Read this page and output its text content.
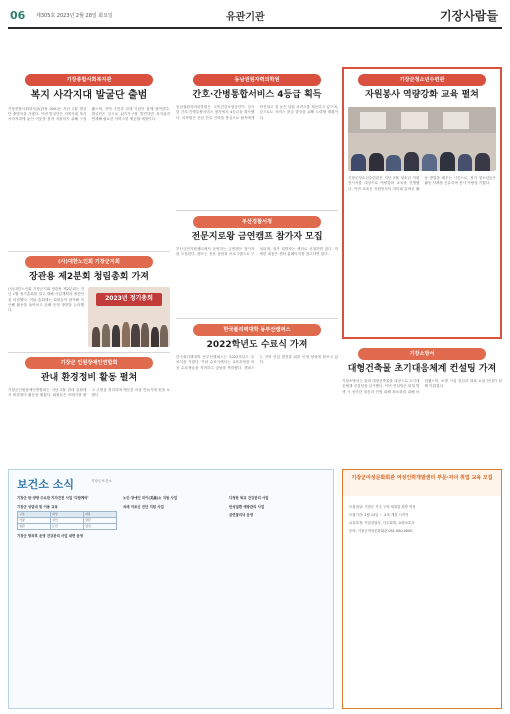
06 제305호 2023년 2월 28일 화요일	유관기관	기장사람들
기장종합사회복지관
복지 사각지대 발굴단 출범
기장종합사회복지관(관장 000)은 지난 1월 발굴단 출범식을 가졌다. 이번 발굴단은 지역사회 복지 사각지대에 놓인 이웃을 찾아 지원하기 위해 구성됐으며, 지역 주민과 관계 기관이 함께 참여한다. 발굴단은 앞으로 위기가구를 발견하면 복지관과 연계해 필요한 서비스를 제공할 예정이다.
(사)대한노인회 기장군지회
장관용 제2분회 청림총회 가져
(사)대한노인회 기장군지회 장관용 제2분회는 지난 1월 정기총회를 열고 새해 사업계획과 예산안을 의결했다. 이날 총회에는 회원들이 참석해 지난해 활동을 돌아보고 올해 운영 방향을 논의했다.
2023년 정기총회
기장군 인원장애인연합회
관내 환경정비 활동 펼쳐
기장군인원장애인연합회는 지난 2월 관내 일원에서 환경정비 활동을 펼쳤다. 회원들은 쓰레기를 줍고 주변을 정리하며 깨끗한 마을 만들기에 힘을 보탰다.
동남권원자력의학원
간호·간병통합서비스 4등급 획득
동남권원자력의학원은 국민건강보험공단이 실시한 간호·간병통합서비스 평가에서 4등급을 획득했다. 의학원은 전문 간호 인력을 중심으로 환자에게 안전하고 질 높은 입원 서비스를 제공하고 있으며, 앞으로도 서비스 품질 향상을 위해 노력할 계획이다.
부산경찰서청
전문지로왕 금연캠프 참가자 모집
부산금연지원센터에서 운영하는 금연캠프 참가자를 모집한다. 캠프는 전문 상담과 프로그램으로 구성되며, 참가 희망자는 센터로 신청하면 된다. 자세한 내용은 센터 홈페이지를 참고하면 된다.
한국폴리텍대학 동부산캠퍼스
2022학년도 수료식 가져
한국폴리텍대학 동부산캠퍼스는 2022학년도 수료식을 가졌다. 이날 수료식에서는 교육과정을 마친 수료생들을 격려하고 앞날을 축하했다. 캠퍼스는 지역 산업 발전을 위한 인재 양성에 힘쓰고 있다.
기장군청소년수련관
자원봉사 역량강화 교육 펼쳐
기장군청소년수련관은 지난 2월 청소년 자원봉사자를 대상으로 역량강화 교육을 진행했다. 이번 교육은 자원봉사의 의미와 올바른 활동 방법을 배우는 시간으로, 참가 청소년들은 활동 사례를 공유하며 봉사 역량을 키웠다.
기장소방서
대형건축물 초기대응체계 컨설팅 가져
기장소방서는 관내 대형건축물을 대상으로 초기대응체계 컨설팅을 실시했다. 이번 컨설팅은 화재 발생 시 신속한 대응과 인명 피해 최소화를 위해 마련됐으며, 소방 시설 점검과 대피 요령 안내가 함께 이뤄졌다.
보건소 소식	기장군보건소
기장군 한·양방 주요한 지자건전 사업 '다함께약'
기장군 상담대 및 이용 교육
구분	대상	내용
기장	성인	상담
정관	노인	검진
기장군 방과후 운영 건강관리 사업 대면 운영
노인·장애인 미이(美齒)소 지원 사업
치매 어르신 진단 지원 사업
다정한 학교 건강관리 사업
만성질환 예방관리 사업
금연클리닉 운영
기장군여성문화회관 여성인력개발센터 부문·자녀 취업 교육 모집
모집대상: 기장군 거주 구직·재취업 희망 여성
모집기간: 2월 13일 ~ 교육 개강 시까지
교육과정: 직업상담사, 사무회계, 요양보호사
문의: 기장군여성문화회관 051-000-0000
